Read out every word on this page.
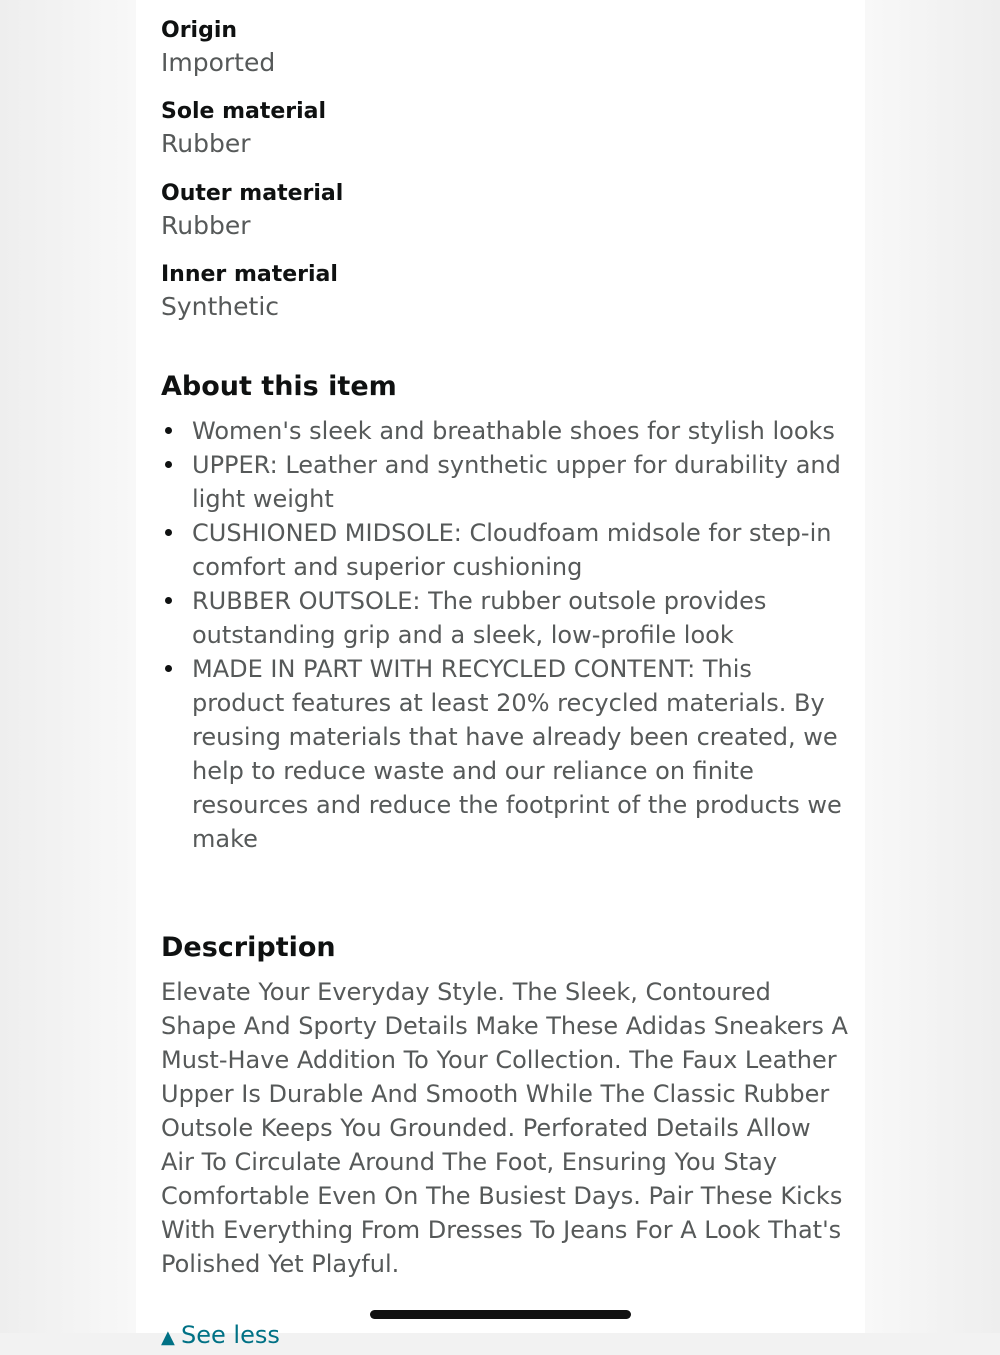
Origin
Imported
Sole material
Rubber
Outer material
Rubber
Inner material
Synthetic
About this item
Women's sleek and breathable shoes for stylish looks
UPPER: Leather and synthetic upper for durability and light weight
CUSHIONED MIDSOLE: Cloudfoam midsole for step-in comfort and superior cushioning
RUBBER OUTSOLE: The rubber outsole provides outstanding grip and a sleek, low-profile look
MADE IN PART WITH RECYCLED CONTENT: This product features at least 20% recycled materials. By reusing materials that have already been created, we help to reduce waste and our reliance on finite resources and reduce the footprint of the products we make
Description
Elevate Your Everyday Style. The Sleek, Contoured Shape And Sporty Details Make These Adidas Sneakers A Must-Have Addition To Your Collection. The Faux Leather Upper Is Durable And Smooth While The Classic Rubber Outsole Keeps You Grounded. Perforated Details Allow Air To Circulate Around The Foot, Ensuring You Stay Comfortable Even On The Busiest Days. Pair These Kicks With Everything From Dresses To Jeans For A Look That's Polished Yet Playful.
▲ See less
